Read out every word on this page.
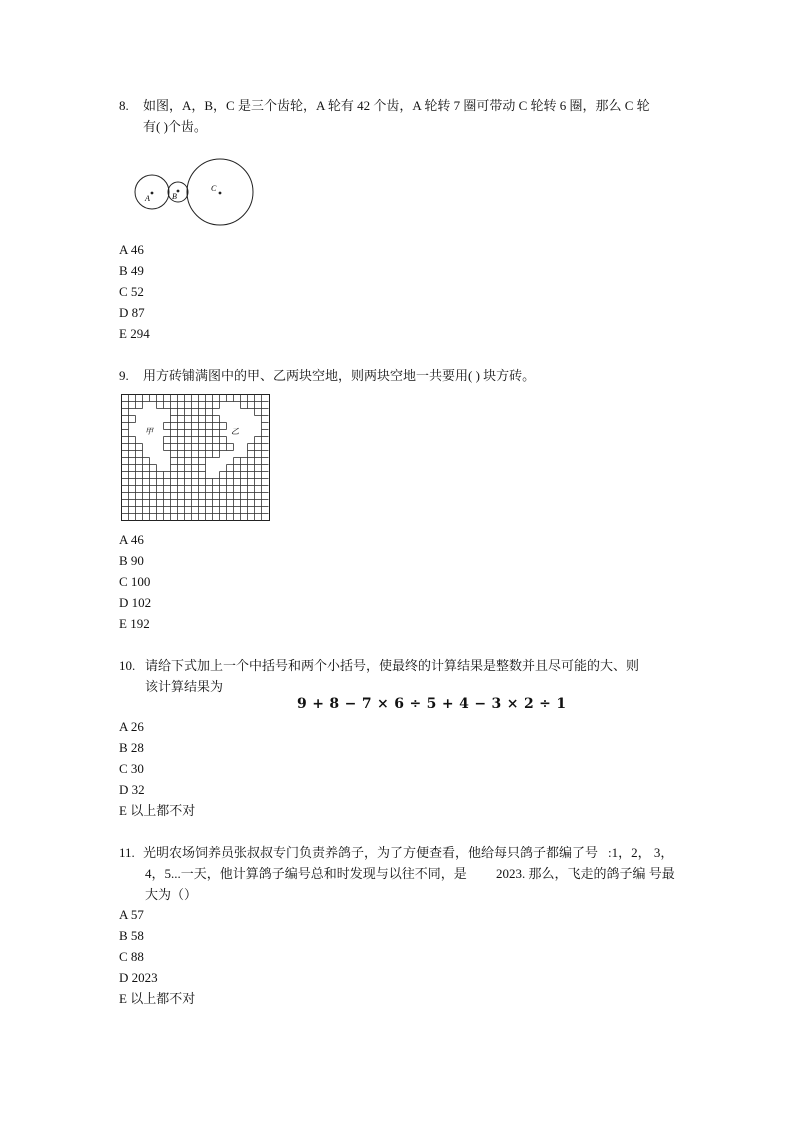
8. 如图，A，B，C 是三个齿轮，A 轮有 42 个齿，A 轮转 7 圈可带动 C 轮转 6 圈，那么 C 轮
有( )个齿。
A	B
C
A 46
B 49
C 52
D 87
E 294
9. 用方砖铺满图中的甲、乙两块空地，则两块空地一共要用( ) 块方砖。
甲	乙
A 46
B 90
C 100
D 102
E 192
10. 请给下式加上一个中括号和两个小括号，使最终的计算结果是整数并且尽可能的大、则
该计算结果为
9 + 8 − 7 × 6 ÷ 5 + 4 − 3 × 2 ÷ 1
A 26
B 28
C 30
D 32
E 以上都不对
11. 光明农场饲养员张叔叔专门负责养鸽子，为了方便查看，他给每只鸽子都编了号 :1，2， 3，
4，5...一天，他计算鸽子编号总和时发现与以往不同，是 2023. 那么，飞走的鸽子编 号最
大为（）
A 57
B 58
C 88
D 2023
E 以上都不对
